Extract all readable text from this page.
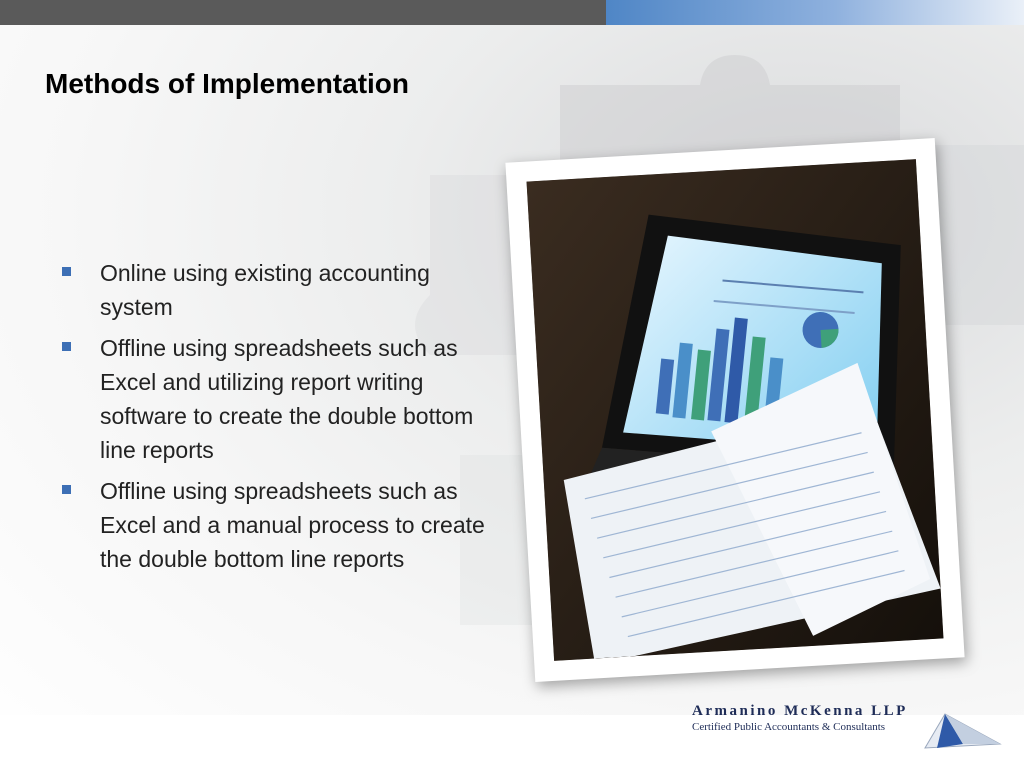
Methods of Implementation
Online using existing accounting system
Offline using spreadsheets such as Excel and utilizing report writing software to create the double bottom line reports
Offline using spreadsheets such as Excel and a manual process to create the double bottom line reports
Armanino McKenna LLP
Certified Public Accountants & Consultants
